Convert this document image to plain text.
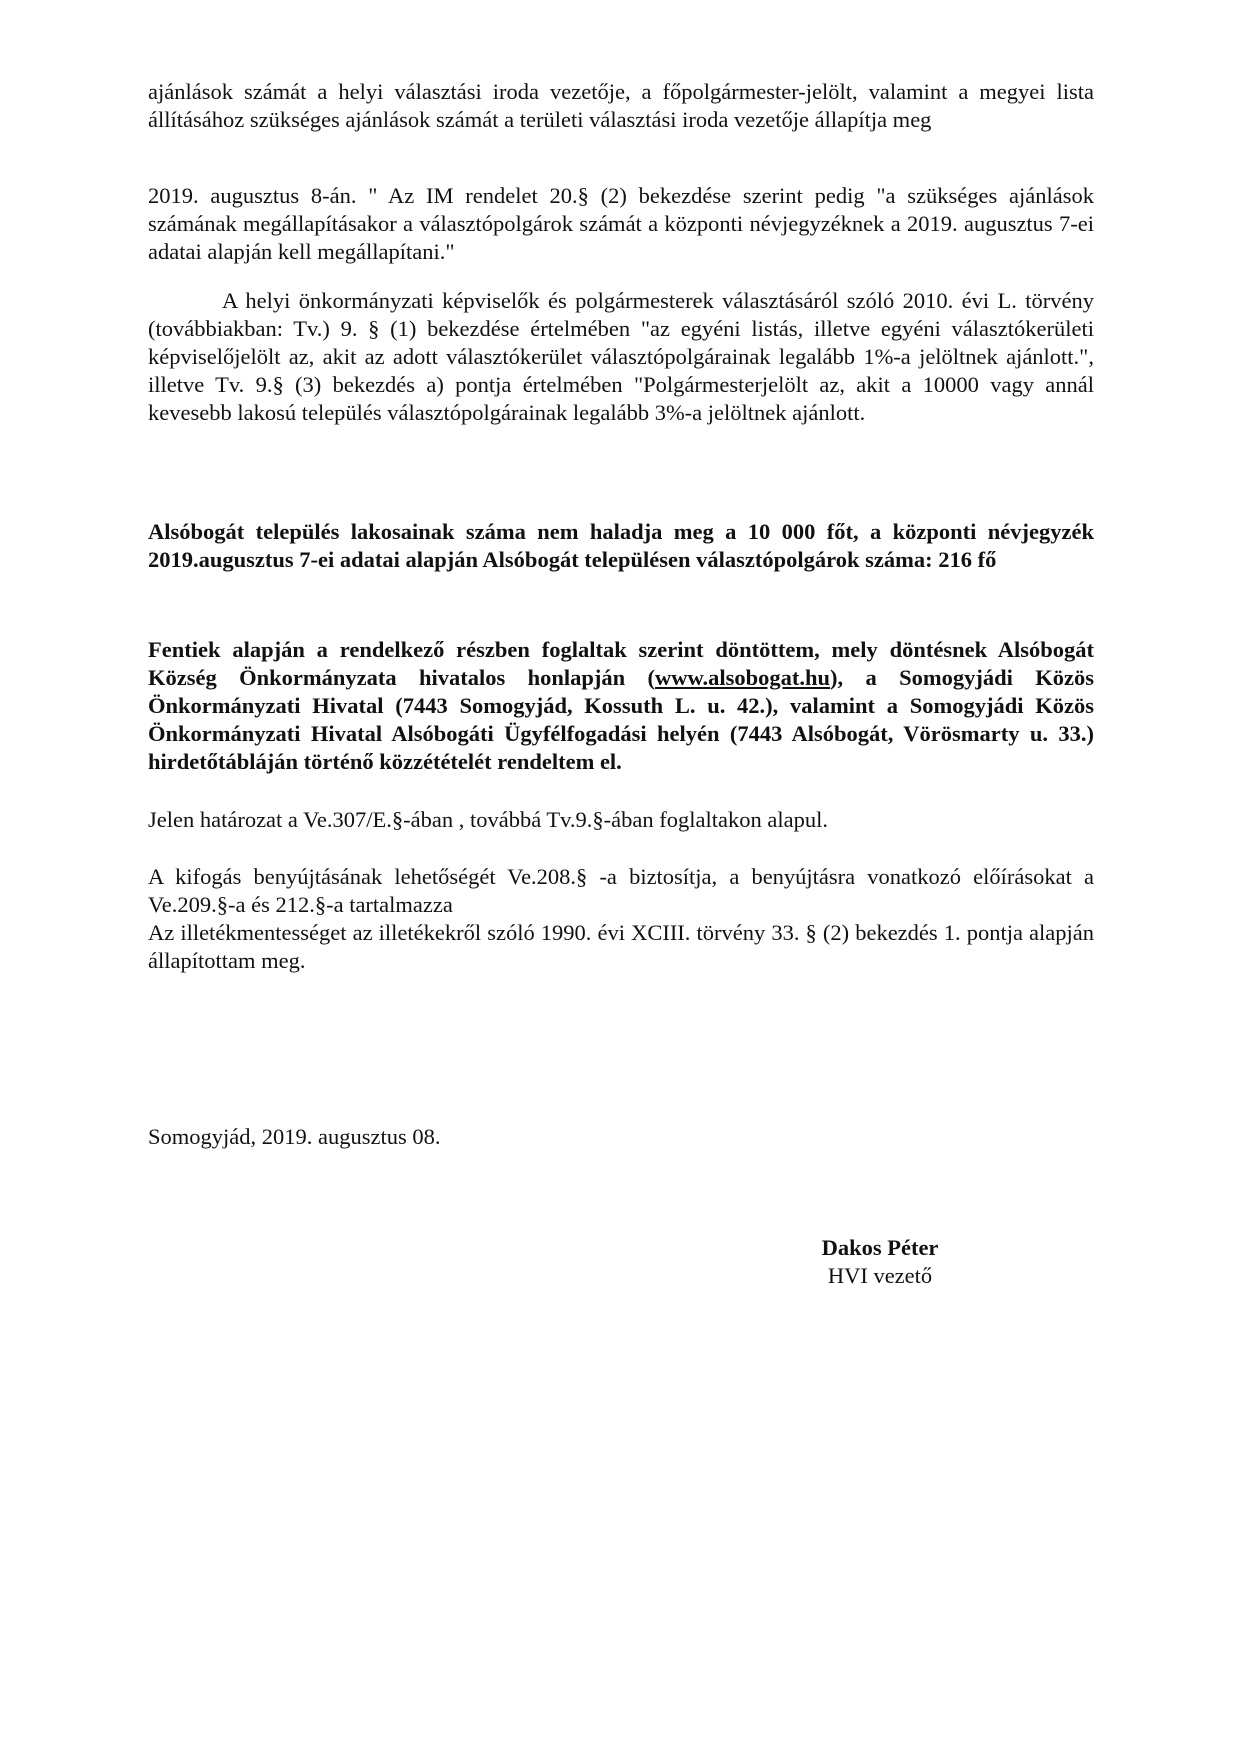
ajánlások számát a helyi választási iroda vezetője, a főpolgármester-jelölt, valamint a megyei lista állításához szükséges ajánlások számát a területi választási iroda vezetője állapítja meg

2019. augusztus 8-án. " Az IM rendelet 20.§ (2) bekezdése szerint pedig "a szükséges ajánlások számának megállapításakor a választópolgárok számát a központi névjegyzéknek a 2019. augusztus 7-ei adatai alapján kell megállapítani."

A helyi önkormányzati képviselők és polgármesterek választásáról szóló 2010. évi L. törvény (továbbiakban: Tv.) 9. § (1) bekezdése értelmében "az egyéni listás, illetve egyéni választókerületi képviselőjelölt az, akit az adott választókerület választópolgárainak legalább 1%-a jelöltnek ajánlott.", illetve Tv. 9.§ (3) bekezdés a) pontja értelmében "Polgármesterjelölt az, akit a 10000 vagy annál kevesebb lakosú település választópolgárainak legalább 3%-a jelöltnek ajánlott.

Alsóbogát település lakosainak száma nem haladja meg a 10 000 főt, a központi névjegyzék 2019.augusztus 7-ei adatai alapján Alsóbogát településen választópolgárok száma: 216 fő

Fentiek alapján a rendelkező részben foglaltak szerint döntöttem, mely döntésnek Alsóbogát Község Önkormányzata hivatalos honlapján (www.alsobogat.hu), a Somogyjádi Közös Önkormányzati Hivatal (7443 Somogyjád, Kossuth L. u. 42.), valamint a Somogyjádi Közös Önkormányzati Hivatal Alsóbogáti Ügyfélfogadási helyén (7443 Alsóbogát, Vörösmarty u. 33.) hirdetőtábláján történő közzétételét rendeltem el.

Jelen határozat a Ve.307/E.§-ában , továbbá Tv.9.§-ában foglaltakon alapul.

A kifogás benyújtásának lehetőségét Ve.208.§ -a biztosítja, a benyújtásra vonatkozó előírásokat a Ve.209.§-a és 212.§-a tartalmazza

Az illetékmentességet az illetékekről szóló 1990. évi XCIII. törvény 33. § (2) bekezdés 1. pontja alapján állapítottam meg.

Somogyjád, 2019. augusztus 08.

Dakos Péter
HVI vezető
